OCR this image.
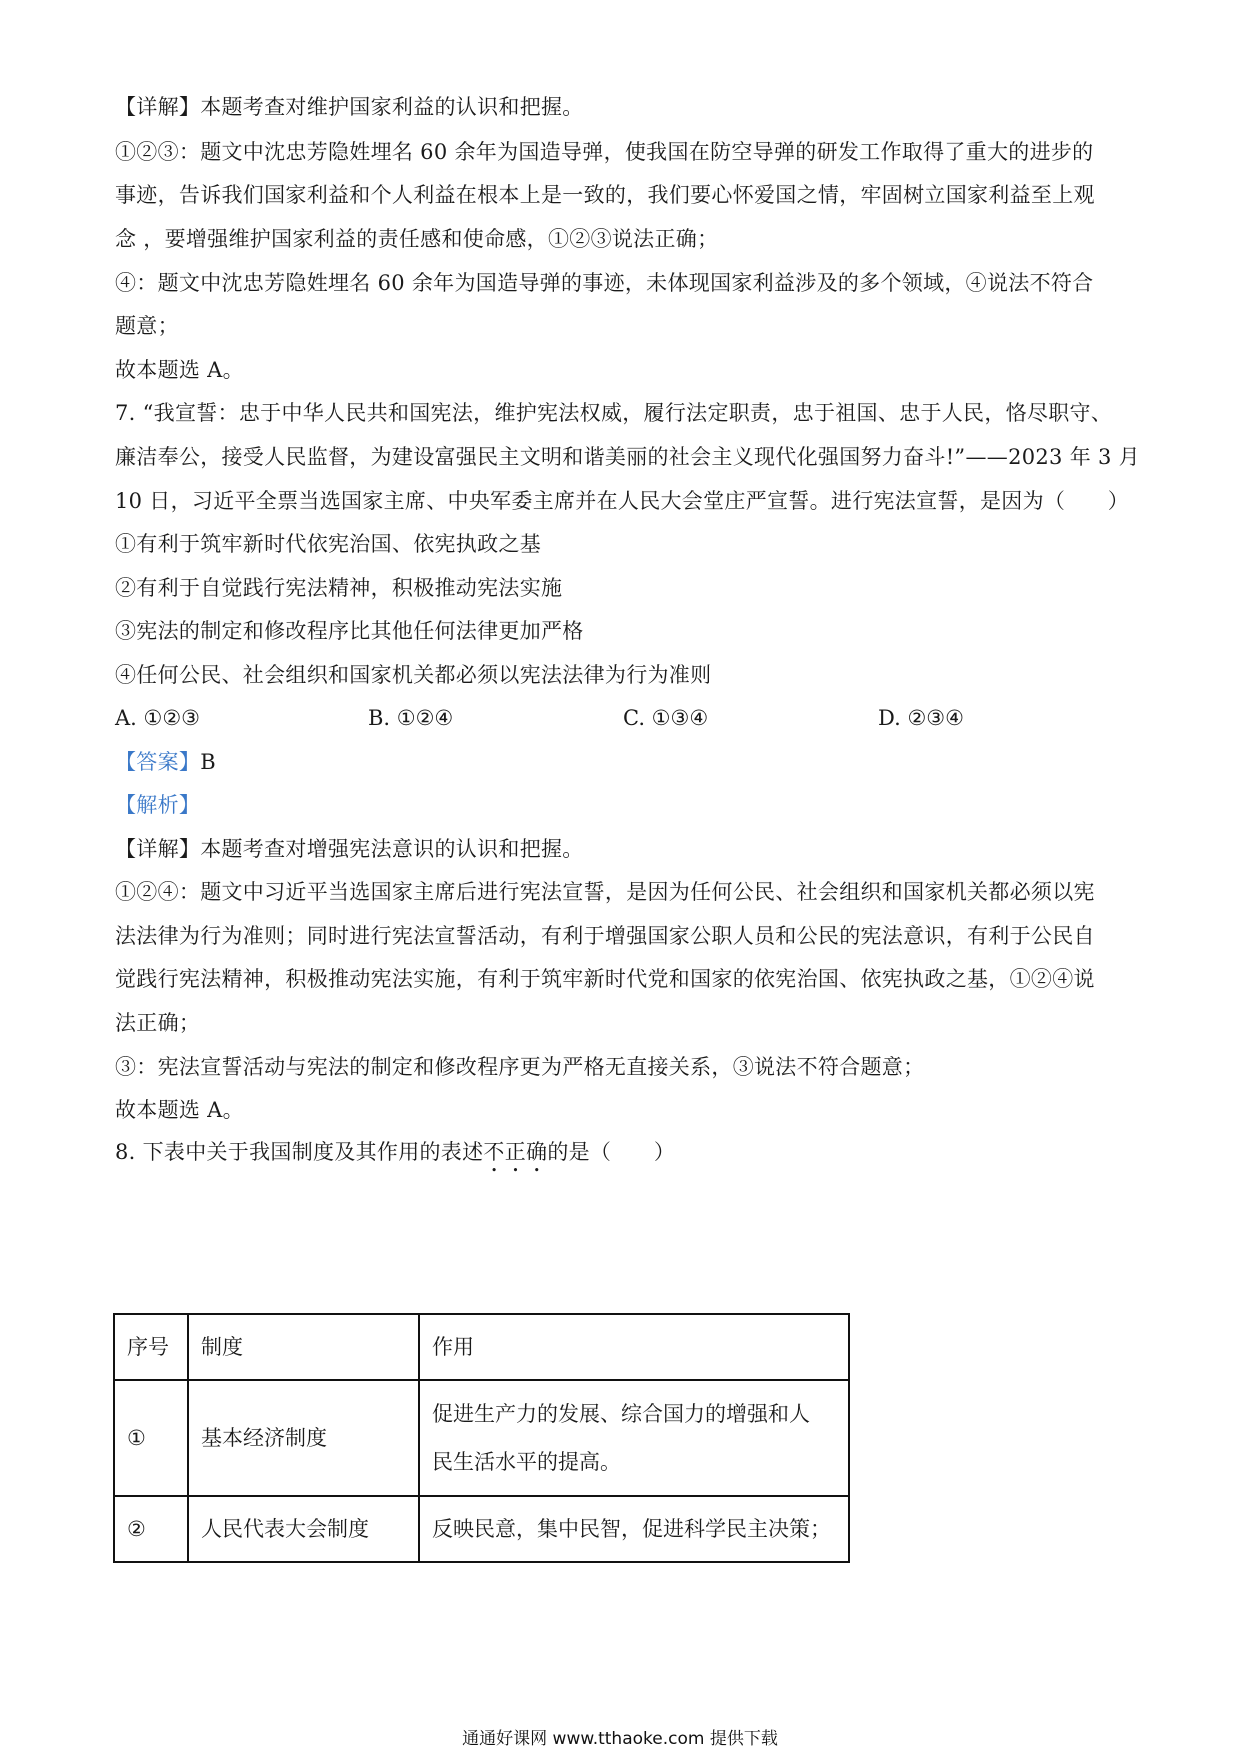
【详解】本题考查对维护国家利益的认识和把握。
①②③：题文中沈忠芳隐姓埋名 60 余年为国造导弹，使我国在防空导弹的研发工作取得了重大的进步的
事迹，告诉我们国家利益和个人利益在根本上是一致的，我们要心怀爱国之情，牢固树立国家利益至上观
念 ，要增强维护国家利益的责任感和使命感，①②③说法正确；
④：题文中沈忠芳隐姓埋名 60 余年为国造导弹的事迹，未体现国家利益涉及的多个领域，④说法不符合
题意；
故本题选 A。
7. “我宣誓：忠于中华人民共和国宪法，维护宪法权威，履行法定职责，忠于祖国、忠于人民，恪尽职守、
廉洁奉公，接受人民监督，为建设富强民主文明和谐美丽的社会主义现代化强国努力奋斗!”——2023 年 3 月
10 日，习近平全票当选国家主席、中央军委主席并在人民大会堂庄严宣誓。进行宪法宣誓，是因为（　　）
①有利于筑牢新时代依宪治国、依宪执政之基
②有利于自觉践行宪法精神，积极推动宪法实施
③宪法的制定和修改程序比其他任何法律更加严格
④任何公民、社会组织和国家机关都必须以宪法法律为行为准则
A. ①②③	B. ①②④	C. ①③④	D. ②③④
【答案】B
【解析】
【详解】本题考查对增强宪法意识的认识和把握。
①②④：题文中习近平当选国家主席后进行宪法宣誓，是因为任何公民、社会组织和国家机关都必须以宪
法法律为行为准则；同时进行宪法宣誓活动，有利于增强国家公职人员和公民的宪法意识，有利于公民自
觉践行宪法精神，积极推动宪法实施，有利于筑牢新时代党和国家的依宪治国、依宪执政之基，①②④说
法正确；
③：宪法宣誓活动与宪法的制定和修改程序更为严格无直接关系，③说法不符合题意；
故本题选 A。
8. 下表中关于我国制度及其作用的表述不正确的是（　　）
序号	制度	作用
①	基本经济制度	促进生产力的发展、综合国力的增强和人
民生活水平的提高。

②	人民代表大会制度	反映民意，集中民智，促进科学民主决策；
通通好课网 www.tthaoke.com 提供下载
